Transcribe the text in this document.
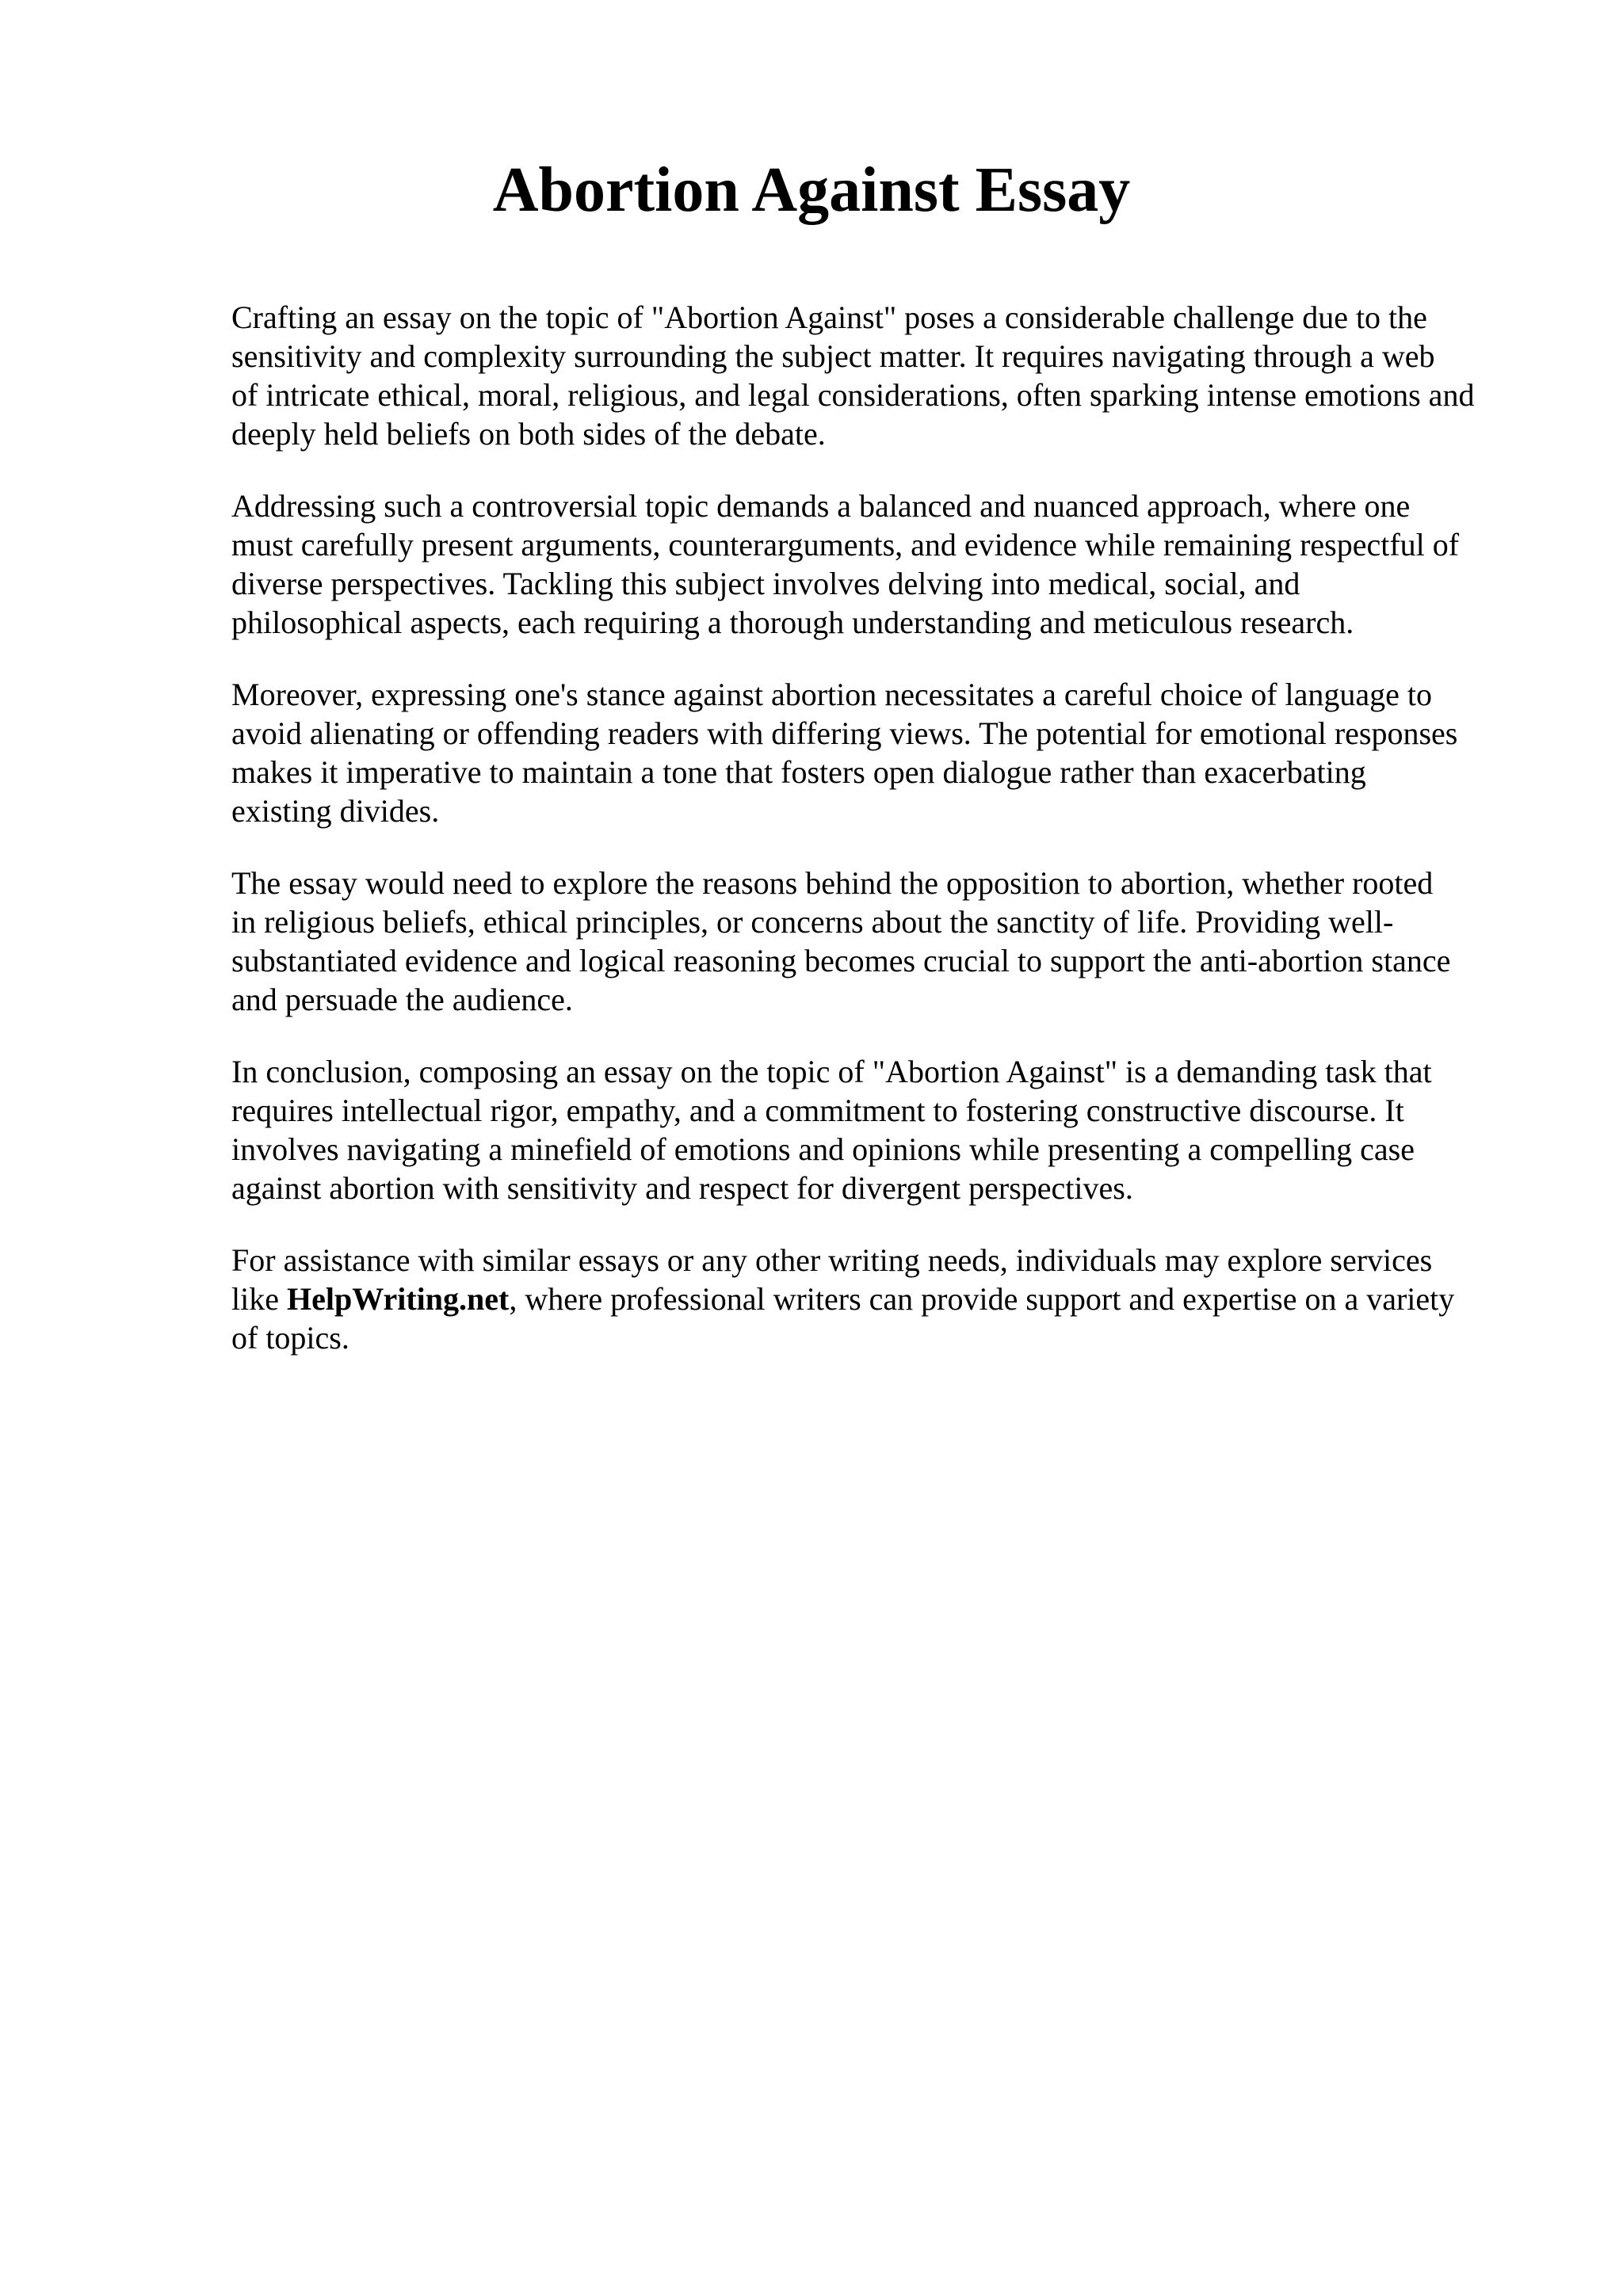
Abortion Against Essay

Crafting an essay on the topic of "Abortion Against" poses a considerable challenge due to the
sensitivity and complexity surrounding the subject matter. It requires navigating through a web
of intricate ethical, moral, religious, and legal considerations, often sparking intense emotions and
deeply held beliefs on both sides of the debate.

Addressing such a controversial topic demands a balanced and nuanced approach, where one
must carefully present arguments, counterarguments, and evidence while remaining respectful of
diverse perspectives. Tackling this subject involves delving into medical, social, and
philosophical aspects, each requiring a thorough understanding and meticulous research.

Moreover, expressing one's stance against abortion necessitates a careful choice of language to
avoid alienating or offending readers with differing views. The potential for emotional responses
makes it imperative to maintain a tone that fosters open dialogue rather than exacerbating
existing divides.

The essay would need to explore the reasons behind the opposition to abortion, whether rooted
in religious beliefs, ethical principles, or concerns about the sanctity of life. Providing well-
substantiated evidence and logical reasoning becomes crucial to support the anti-abortion stance
and persuade the audience.

In conclusion, composing an essay on the topic of "Abortion Against" is a demanding task that
requires intellectual rigor, empathy, and a commitment to fostering constructive discourse. It
involves navigating a minefield of emotions and opinions while presenting a compelling case
against abortion with sensitivity and respect for divergent perspectives.

For assistance with similar essays or any other writing needs, individuals may explore services
like HelpWriting.net, where professional writers can provide support and expertise on a variety
of topics.
